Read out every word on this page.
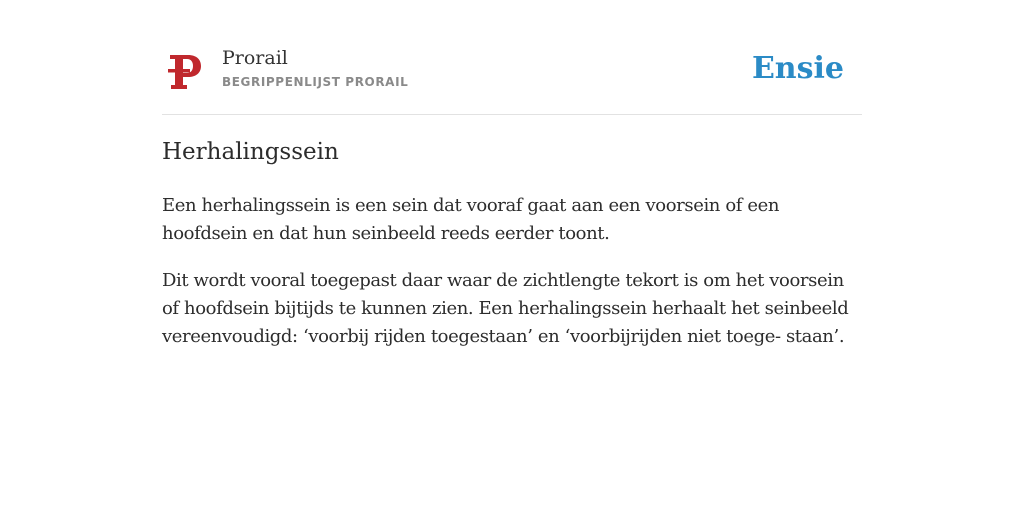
Prorail
BEGRIPPENLIJST PRORAIL	Ensie
Herhalingssein

Een herhalingssein is een sein dat vooraf gaat aan een voorsein of een hoofdsein en dat hun seinbeeld reeds eerder toont.

Dit wordt vooral toegepast daar waar de zichtlengte tekort is om het voorsein of hoofdsein bijtijds te kunnen zien. Een herhalingssein herhaalt het seinbeeld vereenvoudigd: ‘voorbij rijden toegestaan’ en ‘voorbijrijden niet toege- staan’.
